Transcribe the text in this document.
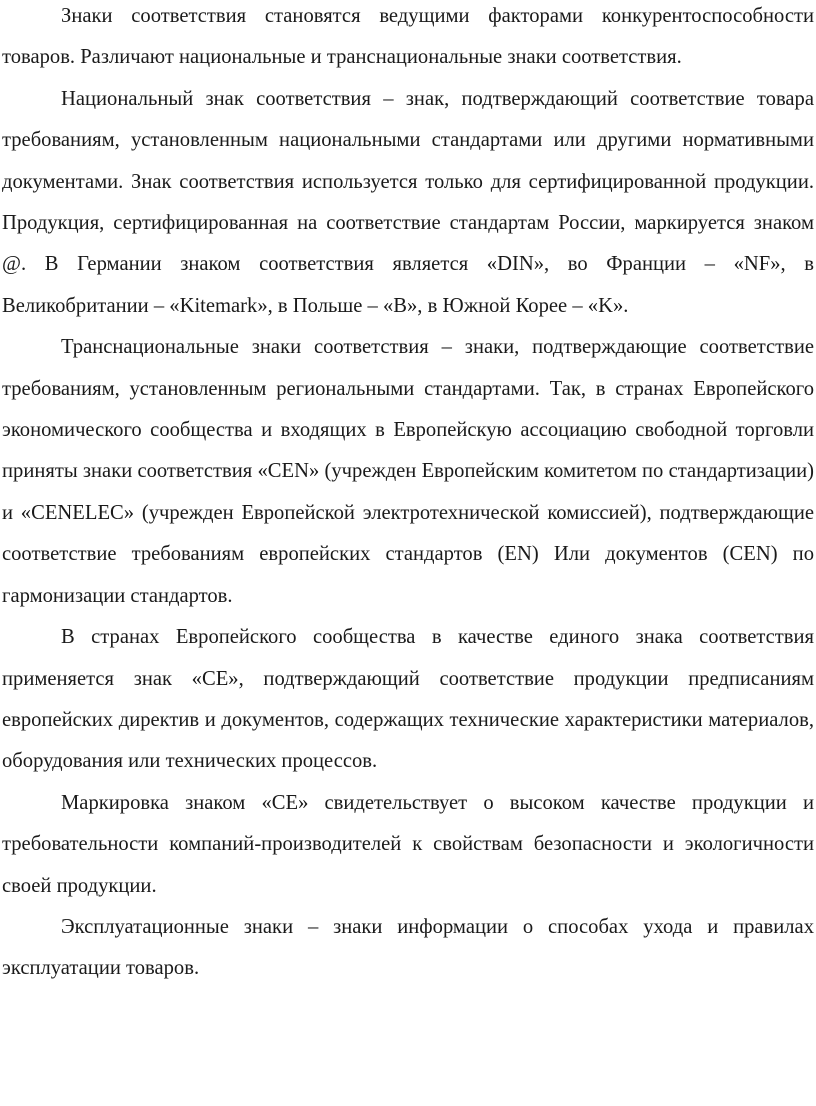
Знаки соответствия становятся ведущими факторами конкурентоспособности товаров. Различают национальные и транснациональные знаки соответствия.

Национальный знак соответствия – знак, подтверждающий соответствие товара требованиям, установленным национальными стандартами или другими нормативными документами. Знак соответствия используется только для сертифицированной продукции. Продукция, сертифицированная на соответствие стандартам России, маркируется знаком @. В Германии знаком соответствия является «DIN», во Франции – «NF», в Великобритании – «Kitemark», в Польше – «B», в Южной Корее – «K».

Транснациональные знаки соответствия – знаки, подтверждающие соответствие требованиям, установленным региональными стандартами. Так, в странах Европейского экономического сообщества и входящих в Европейскую ассоциацию свободной торговли приняты знаки соответствия «CEN» (учрежден Европейским комитетом по стандартизации) и «CENELEC» (учрежден Европейской электротехнической комиссией), подтверждающие соответствие требованиям европейских стандартов (EN) Или документов (CEN) по гармонизации стандартов.

В странах Европейского сообщества в качестве единого знака соответствия применяется знак «CE», подтверждающий соответствие продукции предписаниям европейских директив и документов, содержащих технические характеристики материалов, оборудования или технических процессов.

Маркировка знаком «CE» свидетельствует о высоком качестве продукции и требовательности компаний-производителей к свойствам безопасности и экологичности своей продукции.

Эксплуатационные знаки – знаки информации о способах ухода и правилах эксплуатации товаров.
